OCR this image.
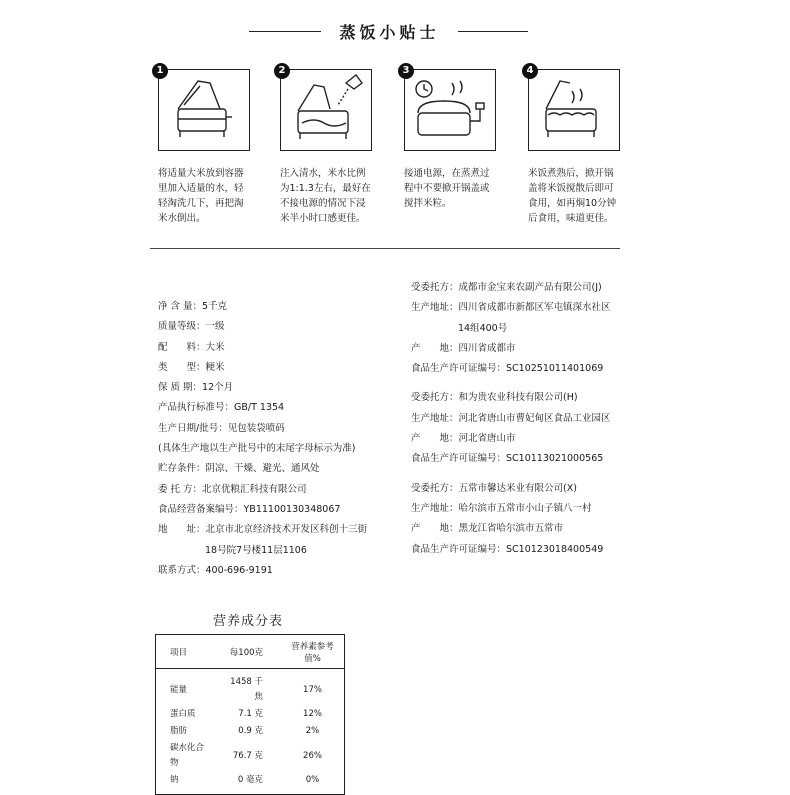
蒸饭小贴士
1
将适量大米放到容器
里加入适量的水，轻
轻淘洗几下，再把淘
米水倒出。
2
注入清水，米水比例
为1:1.3左右，最好在
不接电源的情况下浸
米半小时口感更佳。
3
接通电源，在蒸煮过
程中不要掀开锅盖或
搅拌米粒。
4
米饭煮熟后，掀开锅
盖将米饭搅散后即可
食用，如再焖10分钟
后食用，味道更佳。
净 含 量：5千克
质量等级：一级
配　　料：大米
类　　型：粳米
保 质 期：12个月
产品执行标准号：GB/T 1354
生产日期/批号：见包装袋喷码
(具体生产地以生产批号中的末尾字母标示为准)
贮存条件：阴凉、干燥、避光、通风处
委 托 方：北京优粮汇科技有限公司
食品经营备案编号：YB11100130348067
地　　址：北京市北京经济技术开发区科创十三街
18号院7号楼11层1106
联系方式：400-696-9191
受委托方：成都市金宝来农副产品有限公司(J)
生产地址：四川省成都市新都区军屯镇深水社区
14组400号
产　　地：四川省成都市
食品生产许可证编号：SC10251011401069
受委托方：和为贵农业科技有限公司(H)
生产地址：河北省唐山市曹妃甸区食品工业园区
产　　地：河北省唐山市
食品生产许可证编号：SC10113021000565
受委托方：五常市馨达米业有限公司(X)
生产地址：哈尔滨市五常市小山子镇八一村
产　　地：黑龙江省哈尔滨市五常市
食品生产许可证编号：SC10123018400549
营养成分表
项目	每100克	营养素参考值%
能量	1458 千焦	17%
蛋白质	7.1 克	12%
脂肪	0.9 克	2%
碳水化合物	76.7 克	26%
钠	0 毫克	0%
